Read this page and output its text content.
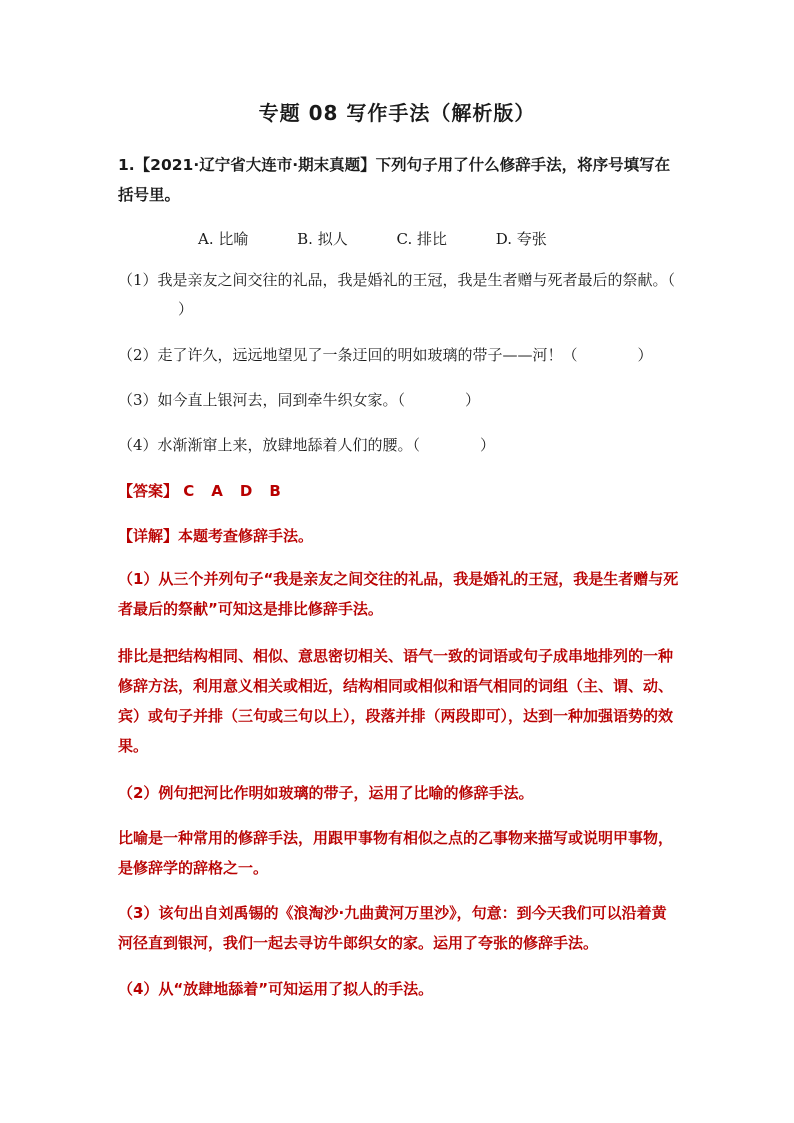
专题 08 写作手法（解析版）
1.【2021·辽宁省大连市·期末真题】下列句子用了什么修辞手法，将序号填写在括号里。
A. 比喻	B. 拟人	C. 排比	D. 夸张
（1）我是亲友之间交往的礼品，我是婚礼的王冠，我是生者赠与死者最后的祭献。（）
（2）走了许久，远远地望见了一条迂回的明如玻璃的带子——河！（	）
（3）如今直上银河去，同到牵牛织女家。（	）
（4）水渐渐窜上来，放肆地舔着人们的腰。（	）
【答案】 C　A　D　B
【详解】本题考查修辞手法。
（1）从三个并列句子“我是亲友之间交往的礼品，我是婚礼的王冠，我是生者赠与死者最后的祭献”可知这是排比修辞手法。
排比是把结构相同、相似、意思密切相关、语气一致的词语或句子成串地排列的一种修辞方法，利用意义相关或相近，结构相同或相似和语气相同的词组（主、谓、动、宾）或句子并排（三句或三句以上），段落并排（两段即可），达到一种加强语势的效果。
（2）例句把河比作明如玻璃的带子，运用了比喻的修辞手法。
比喻是一种常用的修辞手法，用跟甲事物有相似之点的乙事物来描写或说明甲事物，是修辞学的辞格之一。
（3）该句出自刘禹锡的《浪淘沙·九曲黄河万里沙》，句意：到今天我们可以沿着黄河径直到银河，我们一起去寻访牛郎织女的家。运用了夸张的修辞手法。
（4）从“放肆地舔着”可知运用了拟人的手法。
